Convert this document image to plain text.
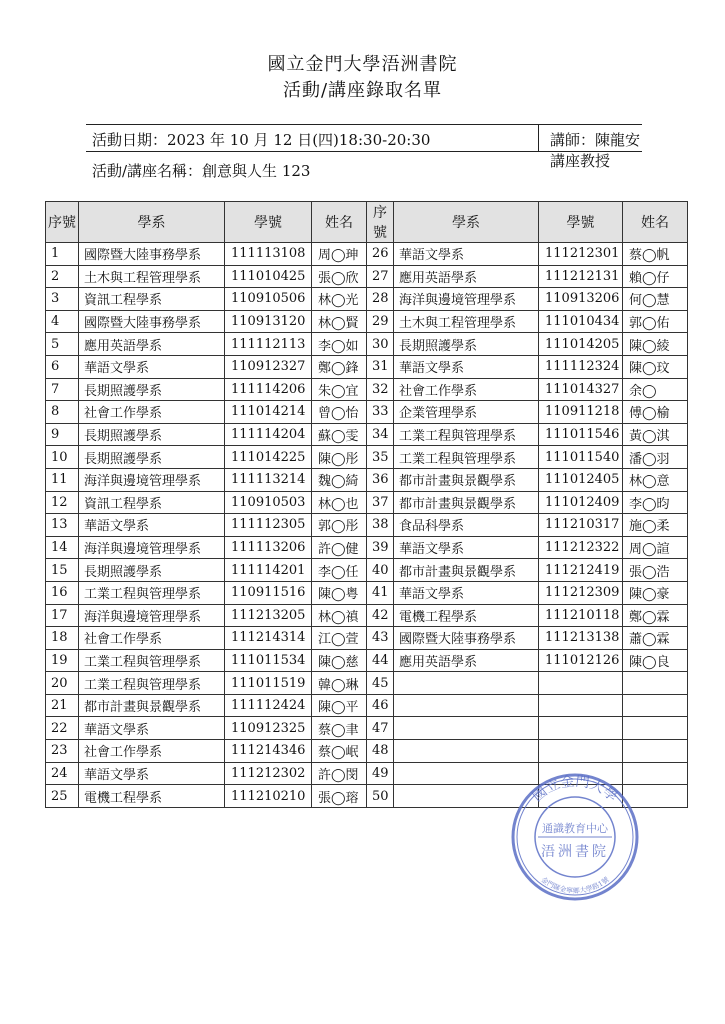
國立金門大學浯洲書院
活動/講座錄取名單
活動日期：2023 年 10 月 12 日(四)18:30-20:30	講師：陳龍安講座教授
活動/講座名稱：創意與人生 123
序號	學系	學號	姓名	序號	學系	學號	姓名
1	國際暨大陸事務學系	111113108	周◯珅	26	華語文學系	111212301	蔡◯帆
2	土木與工程管理學系	111010425	張◯欣	27	應用英語學系	111212131	賴◯仔
3	資訊工程學系	110910506	林◯光	28	海洋與邊境管理學系	110913206	何◯慧
4	國際暨大陸事務學系	110913120	林◯賢	29	土木與工程管理學系	111010434	郭◯佑
5	應用英語學系	111112113	李◯如	30	長期照護學系	111014205	陳◯綾
6	華語文學系	110912327	鄭◯鋒	31	華語文學系	111112324	陳◯玟
7	長期照護學系	111114206	朱◯宜	32	社會工作學系	111014327	余◯
8	社會工作學系	111014214	曾◯怡	33	企業管理學系	110911218	傅◯榆
9	長期照護學系	111114204	蘇◯雯	34	工業工程與管理學系	111011546	黃◯淇
10	長期照護學系	111014225	陳◯彤	35	工業工程與管理學系	111011540	潘◯羽
11	海洋與邊境管理學系	111113214	魏◯綺	36	都市計畫與景觀學系	111012405	林◯意
12	資訊工程學系	110910503	林◯也	37	都市計畫與景觀學系	111012409	李◯昀
13	華語文學系	111112305	郭◯彤	38	食品科學系	111210317	施◯柔
14	海洋與邊境管理學系	111113206	許◯健	39	華語文學系	111212322	周◯諠
15	長期照護學系	111114201	李◯任	40	都市計畫與景觀學系	111212419	張◯浩
16	工業工程與管理學系	110911516	陳◯粤	41	華語文學系	111212309	陳◯豪
17	海洋與邊境管理學系	111213205	林◯禛	42	電機工程學系	111210118	鄭◯霖
18	社會工作學系	111214314	江◯萱	43	國際暨大陸事務學系	111213138	蕭◯霖
19	工業工程與管理學系	111011534	陳◯慈	44	應用英語學系	111012126	陳◯良
20	工業工程與管理學系	111011519	韓◯琳	45			
21	都市計畫與景觀學系	111112424	陳◯平	46			
22	華語文學系	110912325	蔡◯聿	47			
23	社會工作學系	111214346	蔡◯岷	48			
24	華語文學系	111212302	許◯閔	49			
25	電機工程學系	111210210	張◯瑢	50				國立金門大學
金門縣金寧鄉大學路1號
通識教育中心
浯洲書院
